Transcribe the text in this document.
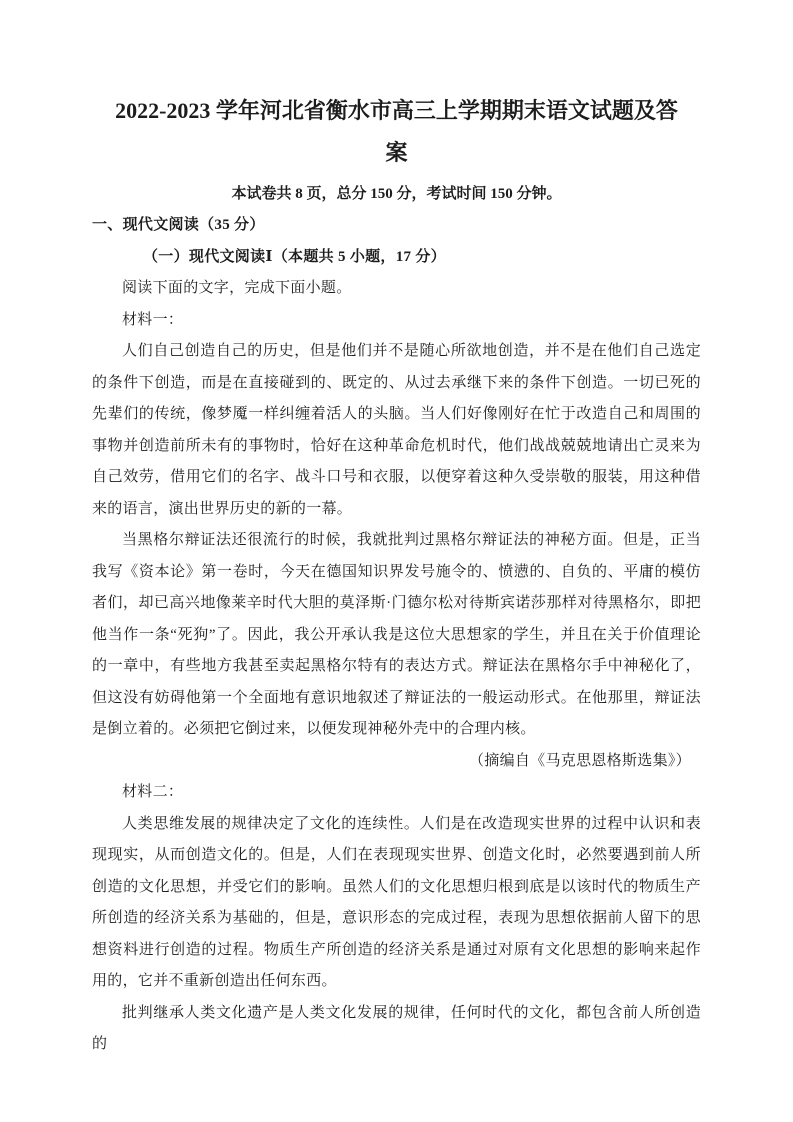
2022-2023 学年河北省衡水市高三上学期期末语文试题及答案

本试卷共 8 页，总分 150 分，考试时间 150 分钟。

一、现代文阅读（35 分）

（一）现代文阅读Ⅰ（本题共 5 小题，17 分）

阅读下面的文字，完成下面小题。

材料一：

人们自己创造自己的历史，但是他们并不是随心所欲地创造，并不是在他们自己选定的条件下创造，而是在直接碰到的、既定的、从过去承继下来的条件下创造。一切已死的先辈们的传统，像梦魇一样纠缠着活人的头脑。当人们好像刚好在忙于改造自己和周围的事物并创造前所未有的事物时，恰好在这种革命危机时代，他们战战兢兢地请出亡灵来为自己效劳，借用它们的名字、战斗口号和衣服，以便穿着这种久受崇敬的服装，用这种借来的语言，演出世界历史的新的一幕。

当黑格尔辩证法还很流行的时候，我就批判过黑格尔辩证法的神秘方面。但是，正当我写《资本论》第一卷时，今天在德国知识界发号施令的、愤懑的、自负的、平庸的模仿者们，却已高兴地像莱辛时代大胆的莫泽斯·门德尔松对待斯宾诺莎那样对待黑格尔，即把他当作一条“死狗”了。因此，我公开承认我是这位大思想家的学生，并且在关于价值理论的一章中，有些地方我甚至卖起黑格尔特有的表达方式。辩证法在黑格尔手中神秘化了，但这没有妨碍他第一个全面地有意识地叙述了辩证法的一般运动形式。在他那里，辩证法是倒立着的。必须把它倒过来，以便发现神秘外壳中的合理内核。

（摘编自《马克思恩格斯选集》）

材料二：

人类思维发展的规律决定了文化的连续性。人们是在改造现实世界的过程中认识和表现现实，从而创造文化的。但是，人们在表现现实世界、创造文化时，必然要遇到前人所创造的文化思想，并受它们的影响。虽然人们的文化思想归根到底是以该时代的物质生产所创造的经济关系为基础的，但是，意识形态的完成过程，表现为思想依据前人留下的思想资料进行创造的过程。物质生产所创造的经济关系是通过对原有文化思想的影响来起作用的，它并不重新创造出任何东西。

批判继承人类文化遗产是人类文化发展的规律，任何时代的文化，都包含前人所创造的
